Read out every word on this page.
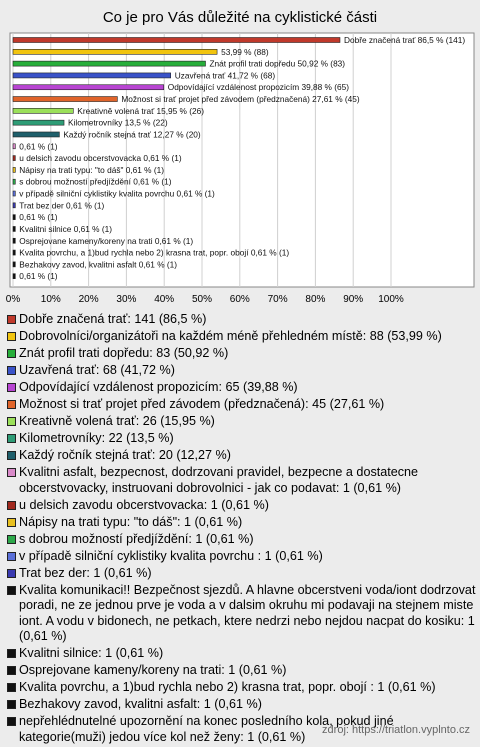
Co je pro Vás důležité na cyklistické části
0% 10% 20% 30% 40% 50% 60% 70% 80% 90% 100%
Dobře značená trať 86,5 % (141)
53,99 % (88)
Znát profil trati dopředu 50,92 % (83)
Uzavřená trať 41,72 % (68)
Odpovídající vzdálenost propozicím 39,88 % (65)
Možnost si trať projet před závodem (předznačená) 27,61 % (45)
Kreativně volená trať 15,95 % (26)
Kilometrovníky 13,5 % (22)
Každý ročník stejná trať 12,27 % (20)
0,61 % (1)
u delsich zavodu obcerstvovacka 0,61 % (1)
Nápisy na trati typu: "to dáš" 0,61 % (1)
s dobrou možností předjíždění 0,61 % (1)
v případě silniční cyklistiky kvalita povrchu 0,61 % (1)
Trat bez der 0,61 % (1)
0,61 % (1)
Kvalitni silnice 0,61 % (1)
Osprejovane kameny/koreny na trati 0,61 % (1)
Kvalita povrchu, a 1)bud rychla nebo 2) krasna trat, popr. obojí 0,61 % (1)
Bezhakovy zavod, kvalitni asfalt 0,61 % (1)
0,61 % (1)
Dobře značená trať: 141 (86,5 %)
Dobrovolníci/organizátoři na každém méně přehledném místě: 88 (53,99 %)
Znát profil trati dopředu: 83 (50,92 %)
Uzavřená trať: 68 (41,72 %)
Odpovídající vzdálenost propozicím: 65 (39,88 %)
Možnost si trať projet před závodem (předznačená): 45 (27,61 %)
Kreativně volená trať: 26 (15,95 %)
Kilometrovníky: 22 (13,5 %)
Každý ročník stejná trať: 20 (12,27 %)
Kvalitni asfalt, bezpecnost, dodrzovani pravidel, bezpecne a dostatecne obcerstvovacky, instruovani dobrovolnici - jak co podavat: 1 (0,61 %)
u delsich zavodu obcerstvovacka: 1 (0,61 %)
Nápisy na trati typu: "to dáš": 1 (0,61 %)
s dobrou možností předjíždění: 1 (0,61 %)
v případě silniční cyklistiky kvalita povrchu : 1 (0,61 %)
Trat bez der: 1 (0,61 %)
Kvalita komunikaci!! Bezpečnost sjezdů. A hlavne obcerstveni voda/iont dodrzovat poradi, ne ze jednou prve je voda a v dalsim okruhu mi podavaji na stejnem miste iont. A vodu v bidonech, ne petkach, ktere nedrzi nebo nejdou nacpat do kosiku: 1 (0,61 %)
Kvalitni silnice: 1 (0,61 %)
Osprejovane kameny/koreny na trati: 1 (0,61 %)
Kvalita povrchu, a 1)bud rychla nebo 2) krasna trat, popr. obojí : 1 (0,61 %)
Bezhakovy zavod, kvalitni asfalt: 1 (0,61 %)
nepřehlédnutelné upozornění na konec posledního kola, pokud jiné kategorie(muži) jedou více kol než ženy: 1 (0,61 %)	zdroj: https://triatlon.vyplnto.cz
